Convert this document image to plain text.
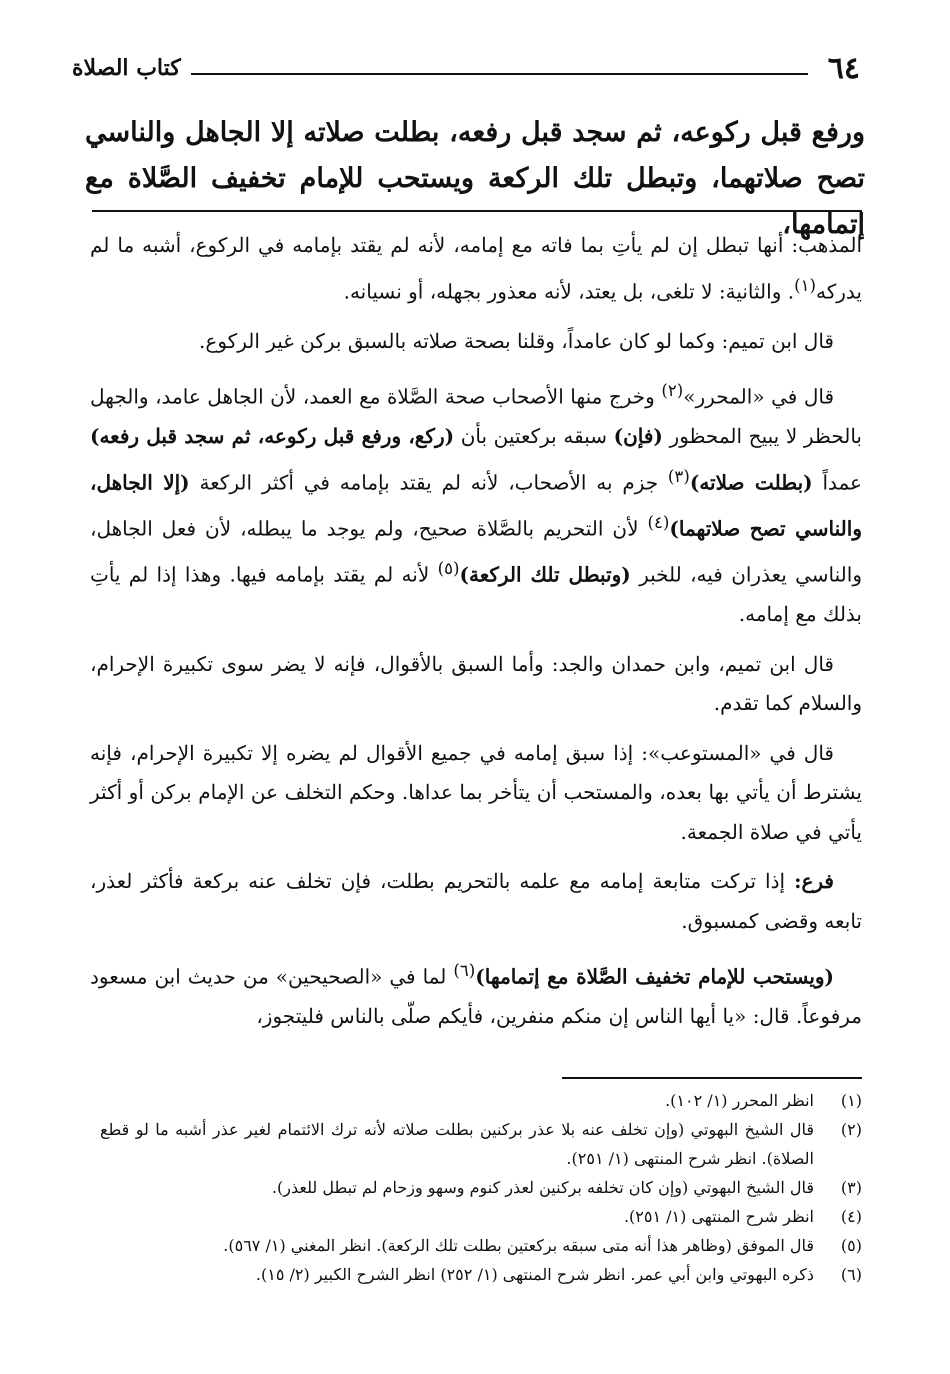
٦٤
كتاب الصلاة
ورفع قبل ركوعه، ثم سجد قبل رفعه، بطلت صلاته إلا الجاهل والناسي تصح صلاتهما، وتبطل تلك الركعة ويستحب للإمام تخفيف الصَّلاة مع إتمامها،

المذهب: أنها تبطل إن لم يأتِ بما فاته مع إمامه، لأنه لم يقتد بإمامه في الركوع، أشبه ما لم يدركه$^{(١)}$. والثانية: لا تلغى، بل يعتد، لأنه معذور بجهله، أو نسيانه.

قال ابن تميم: وكما لو كان عامداً، وقلنا بصحة صلاته بالسبق بركن غير الركوع.

قال في «المحرر»$^{(٢)}$ وخرج منها الأصحاب صحة الصَّلاة مع العمد، لأن الجاهل عامد، والجهل بالحظر لا يبيح المحظور (فإن) سبقه بركعتين بأن (ركع، ورفع قبل ركوعه، ثم سجد قبل رفعه) عمداً (بطلت صلاته)$^{(٣)}$ جزم به الأصحاب، لأنه لم يقتد بإمامه في أكثر الركعة (إلا الجاهل، والناسي تصح صلاتهما)$^{(٤)}$ لأن التحريم بالصَّلاة صحيح، ولم يوجد ما يبطله، لأن فعل الجاهل، والناسي يعذران فيه، للخبر (وتبطل تلك الركعة)$^{(٥)}$ لأنه لم يقتد بإمامه فيها. وهذا إذا لم يأتِ بذلك مع إمامه.

قال ابن تميم، وابن حمدان والجد: وأما السبق بالأقوال، فإنه لا يضر سوى تكبيرة الإحرام، والسلام كما تقدم.

قال في «المستوعب»: إذا سبق إمامه في جميع الأقوال لم يضره إلا تكبيرة الإحرام، فإنه يشترط أن يأتي بها بعده، والمستحب أن يتأخر بما عداها. وحكم التخلف عن الإمام بركن أو أكثر يأتي في صلاة الجمعة.

فرع: إذا تركت متابعة إمامه مع علمه بالتحريم بطلت، فإن تخلف عنه بركعة فأكثر لعذر، تابعه وقضى كمسبوق.

(ويستحب للإمام تخفيف الصَّلاة مع إتمامها)$^{(٦)}$ لما في «الصحيحين» من حديث ابن مسعود مرفوعاً. قال: «يا أيها الناس إن منكم منفرين، فأيكم صلّى بالناس فليتجوز،

(١)
انظر المحرر (١/ ١٠٢).
(٢)
قال الشيخ البهوتي (وإن تخلف عنه بلا عذر بركنين بطلت صلاته لأنه ترك الائتمام لغير عذر أشبه ما لو قطع الصلاة). انظر شرح المنتهى (١/ ٢٥١).
(٣)
قال الشيخ البهوتي (وإن كان تخلفه بركنين لعذر كنوم وسهو وزحام لم تبطل للعذر).
(٤)
انظر شرح المنتهى (١/ ٢٥١).
(٥)
قال الموفق (وظاهر هذا أنه متى سبقه بركعتين بطلت تلك الركعة). انظر المغني (١/ ٥٦٧).
(٦)
ذكره البهوتي وابن أبي عمر. انظر شرح المنتهى (١/ ٢٥٢) انظر الشرح الكبير (٢/ ١٥).
